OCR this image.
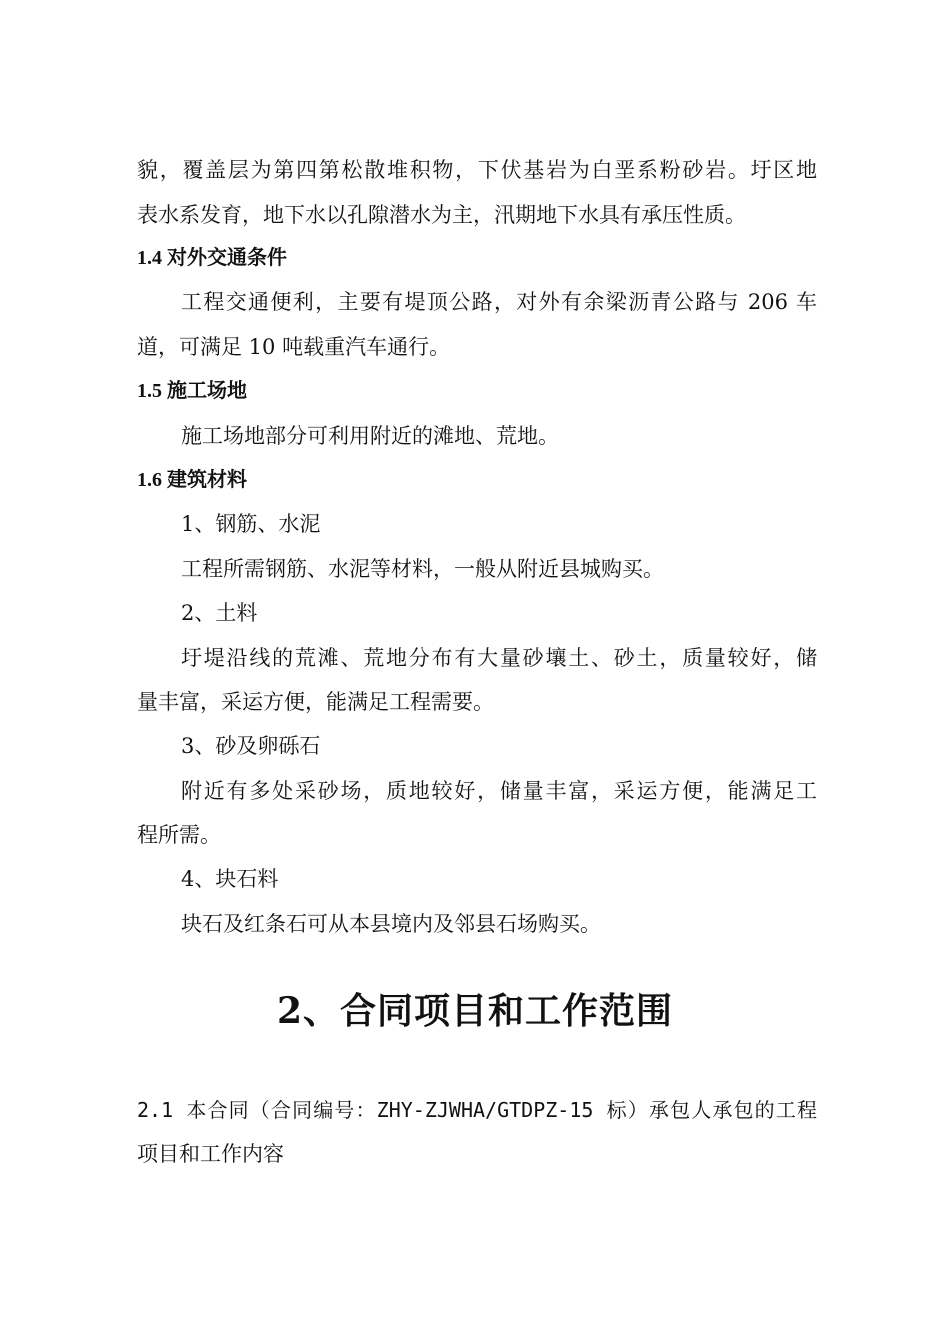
貌，覆盖层为第四第松散堆积物，下伏基岩为白垩系粉砂岩。圩区地
表水系发育，地下水以孔隙潜水为主，汛期地下水具有承压性质。
1.4 对外交通条件
工程交通便利，主要有堤顶公路，对外有余梁沥青公路与 206 车
道，可满足 10 吨载重汽车通行。
1.5 施工场地
施工场地部分可利用附近的滩地、荒地。
1.6 建筑材料
1、钢筋、水泥
工程所需钢筋、水泥等材料，一般从附近县城购买。
2、土料
圩堤沿线的荒滩、荒地分布有大量砂壤土、砂土，质量较好，储
量丰富，采运方便，能满足工程需要。
3、砂及卵砾石
附近有多处采砂场，质地较好，储量丰富，采运方便，能满足工
程所需。
4、块石料
块石及红条石可从本县境内及邻县石场购买。
2、合同项目和工作范围
2.1 本合同（合同编号：ZHY-ZJWHA/GTDPZ-15 标）承包人承包的工程
项目和工作内容
